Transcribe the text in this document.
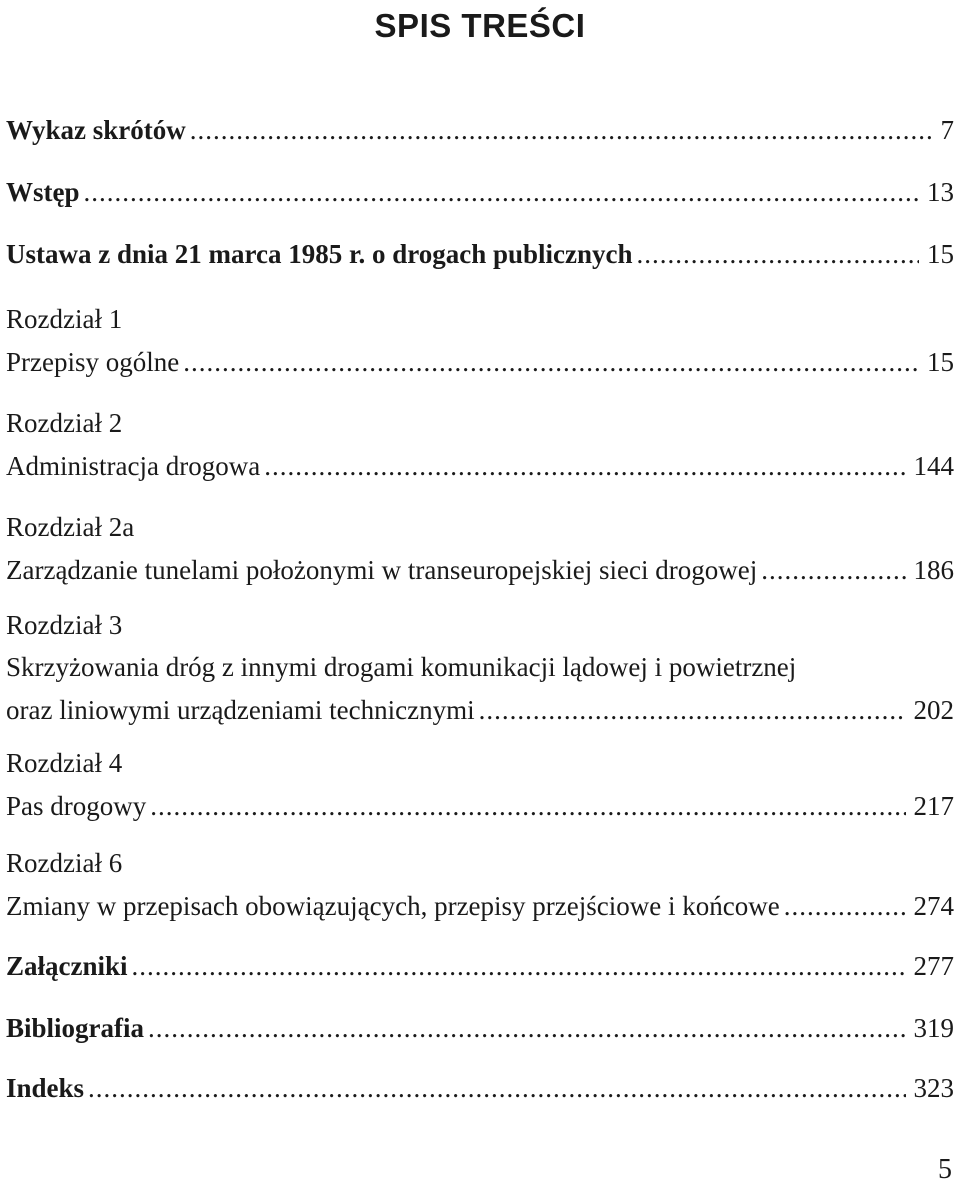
SPIS TREŚCI
Wykaz skrótów .....	7
Wstęp .....	13
Ustawa z dnia 21 marca 1985 r. o drogach publicznych .....	15
Rozdział 1
Przepisy ogólne .....	15
Rozdział 2
Administracja drogowa .....	144
Rozdział 2a
Zarządzanie tunelami położonymi w transeuropejskiej sieci drogowej .....	186
Rozdział 3
Skrzyżowania dróg z innymi drogami komunikacji lądowej i powietrznej
oraz liniowymi urządzeniami technicznymi .....	202
Rozdział 4
Pas drogowy .....	217
Rozdział 6
Zmiany w przepisach obowiązujących, przepisy przejściowe i końcowe .....	274
Załączniki .....	277
Bibliografia .....	319
Indeks .....	323
5
